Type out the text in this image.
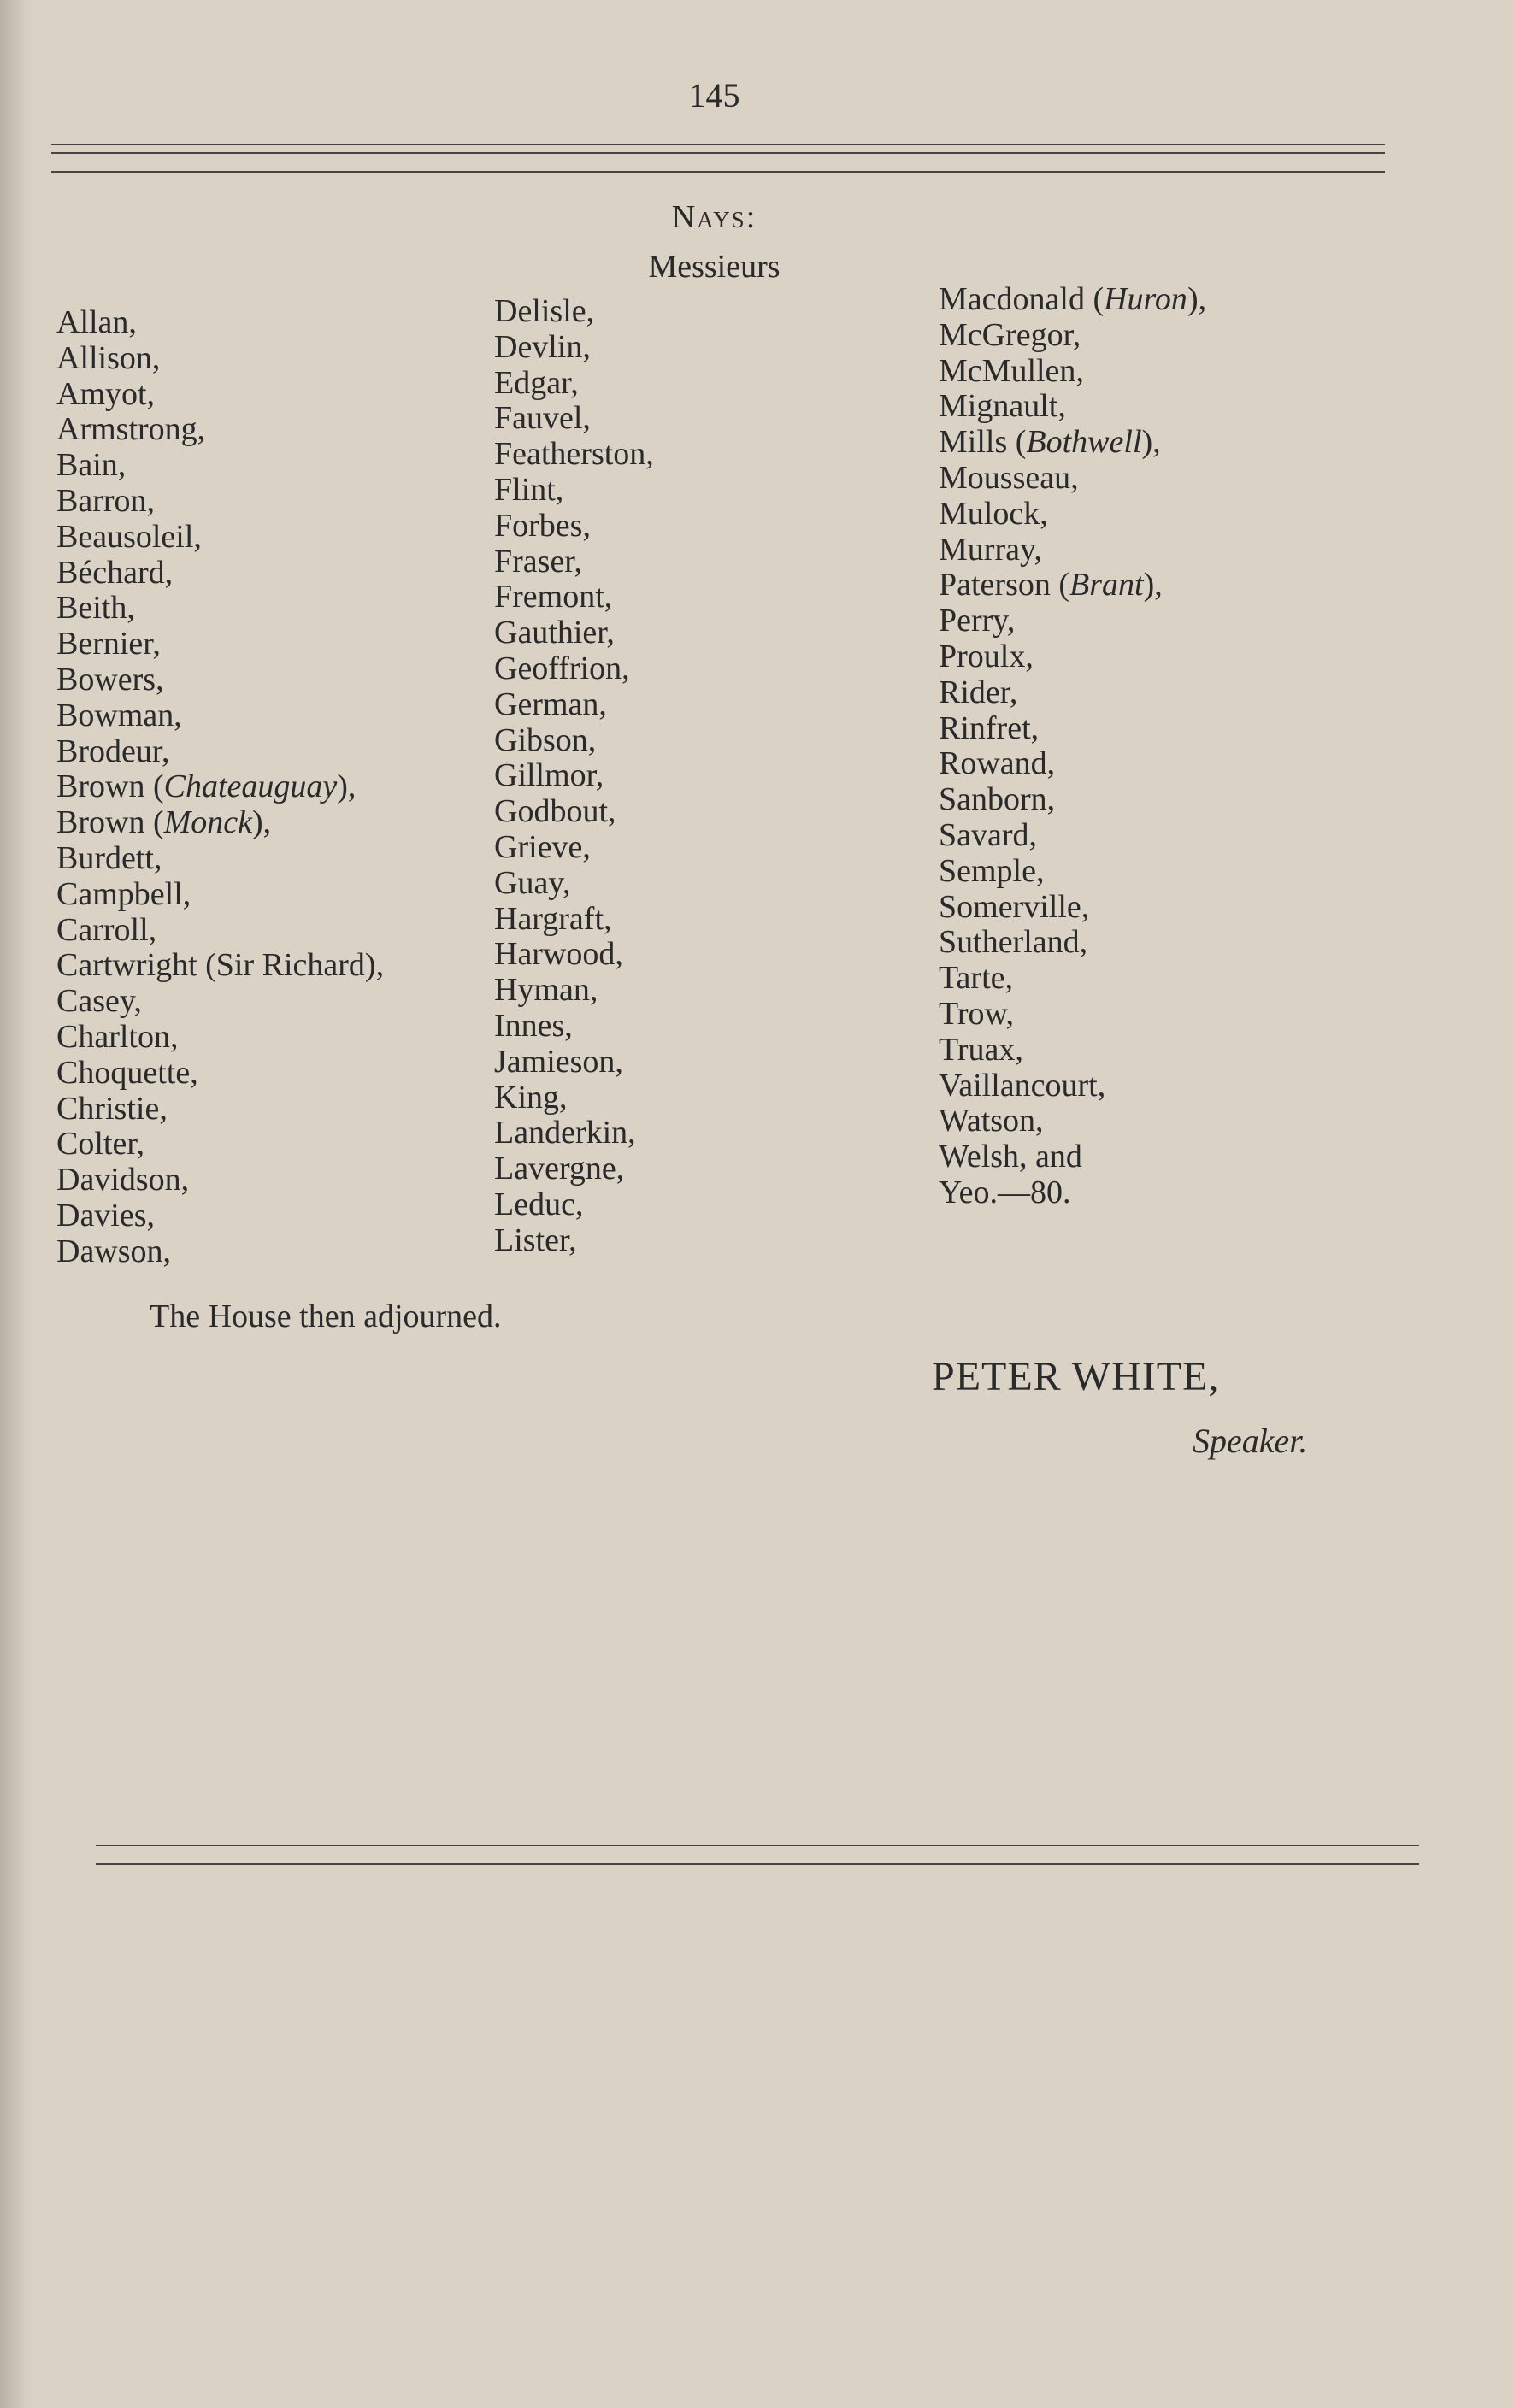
145
Nays:
Messieurs
Allan,
Allison,
Amyot,
Armstrong,
Bain,
Barron,
Beausoleil,
Béchard,
Beith,
Bernier,
Bowers,
Bowman,
Brodeur,
Brown (Chateauguay),
Brown (Monck),
Burdett,
Campbell,
Carroll,
Cartwright (Sir Richard),
Casey,
Charlton,
Choquette,
Christie,
Colter,
Davidson,
Davies,
Dawson,
Delisle,
Devlin,
Edgar,
Fauvel,
Featherston,
Flint,
Forbes,
Fraser,
Fremont,
Gauthier,
Geoffrion,
German,
Gibson,
Gillmor,
Godbout,
Grieve,
Guay,
Hargraft,
Harwood,
Hyman,
Innes,
Jamieson,
King,
Landerkin,
Lavergne,
Leduc,
Lister,
Macdonald (Huron),
McGregor,
McMullen,
Mignault,
Mills (Bothwell),
Mousseau,
Mulock,
Murray,
Paterson (Brant),
Perry,
Proulx,
Rider,
Rinfret,
Rowand,
Sanborn,
Savard,
Semple,
Somerville,
Sutherland,
Tarte,
Trow,
Truax,
Vaillancourt,
Watson,
Welsh, and
Yeo.—80.
The House then adjourned.
PETER WHITE,
Speaker.
